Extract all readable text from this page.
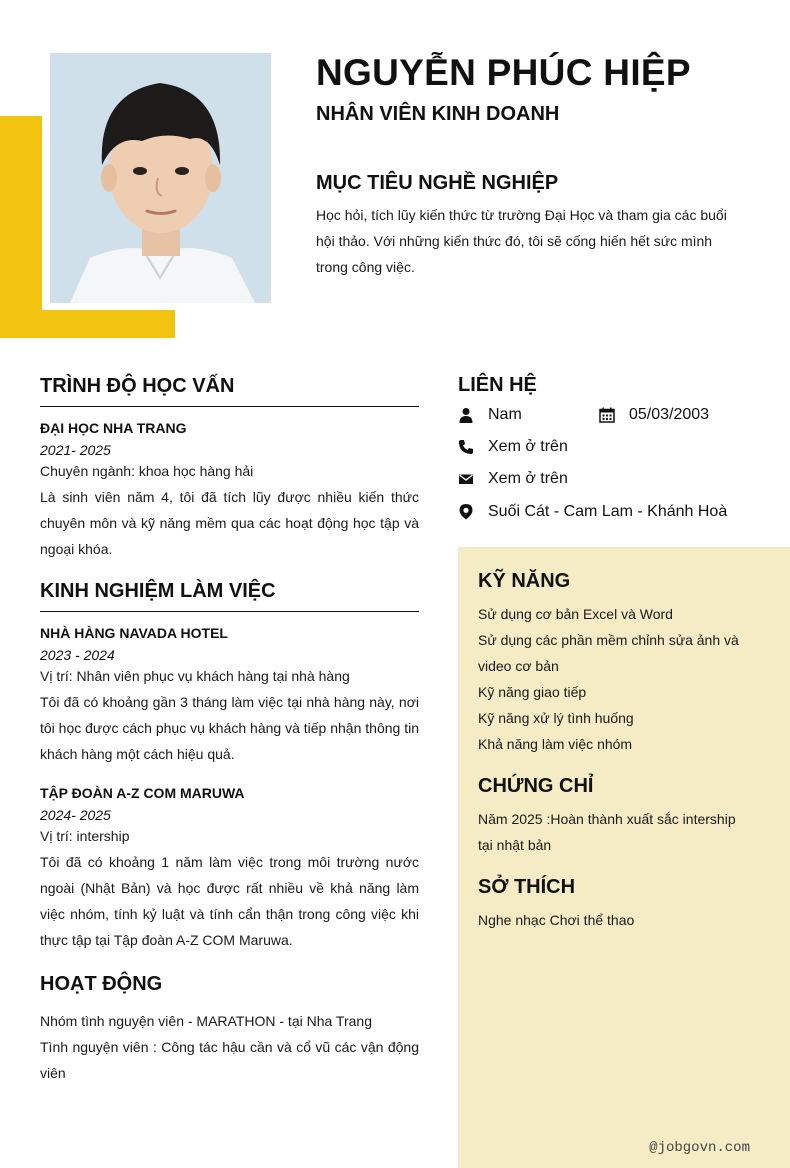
NGUYỄN PHÚC HIỆP
NHÂN VIÊN KINH DOANH
MỤC TIÊU NGHỀ NGHIỆP
Học hỏi, tích lũy kiến thức từ trường Đại Học và tham gia các buổi hội thảo. Với những kiến thức đó, tôi sẽ cống hiến hết sức mình trong công việc.
TRÌNH ĐỘ HỌC VẤN
ĐẠI HỌC NHA TRANG
2021- 2025
Chuyên ngành: khoa học hàng hải
Là sinh viên năm 4, tôi đã tích lũy được nhiều kiến thức chuyên môn và kỹ năng mềm qua các hoạt động học tập và ngoại khóa.
KINH NGHIỆM LÀM VIỆC
NHÀ HÀNG NAVADA HOTEL
2023 - 2024
Vị trí: Nhân viên phục vụ khách hàng tại nhà hàng
Tôi đã có khoảng gần 3 tháng làm việc tại nhà hàng này, nơi tôi học được cách phục vụ khách hàng và tiếp nhận thông tin khách hàng một cách hiệu quả.
TẬP ĐOÀN A-Z COM MARUWA
2024- 2025
Vị trí: intership
Tôi đã có khoảng 1 năm làm việc trong môi trường nước ngoài (Nhật Bản) và học được rất nhiều về khả năng làm việc nhóm, tính kỷ luật và tính cẩn thận trong công việc khi thực tập tại Tập đoàn A-Z COM Maruwa.
HOẠT ĐỘNG
Nhóm tình nguyện viên - MARATHON - tại Nha Trang
Tình nguyện viên : Công tác hậu cần và cổ vũ các vận động viên
LIÊN HỆ
Nam	05/03/2003
Xem ở trên
Xem ở trên
Suối Cát - Cam Lam - Khánh Hoà
KỸ NĂNG
Sử dụng cơ bản Excel và Word
Sử dụng các phần mềm chỉnh sửa ảnh và video cơ bản
Kỹ năng giao tiếp
Kỹ năng xử lý tình huống
Khả năng làm việc nhóm
CHỨNG CHỈ
Năm 2025 :Hoàn thành xuất sắc intership tại nhật bản
SỞ THÍCH
Nghe nhạc Chơi thể thao
@jobgovn.com
